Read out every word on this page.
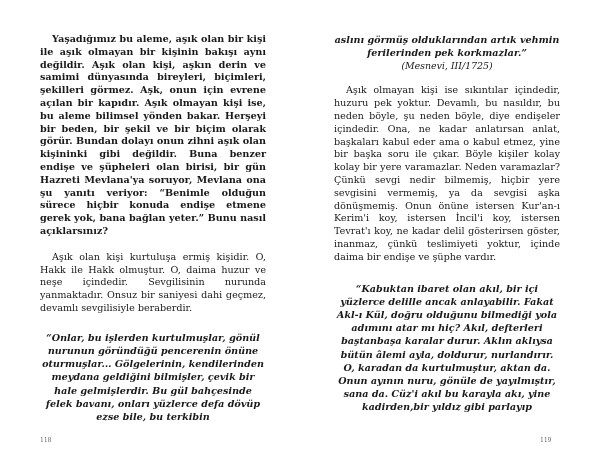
Yaşadığımız bu aleme, aşık olan bir kişi ile aşık olmayan bir kişinin bakışı aynı değildir. Aşık olan kişi, aşkın derin ve samimi dünyasında bireyleri, biçimleri, şekilleri görmez. Aşk, onun için evrene açılan bir kapıdır. Aşık olmayan kişi ise, bu aleme bilimsel yönden bakar. Herşeyi bir beden, bir şekil ve bir biçim olarak görür. Bundan dolayı onun zihni aşık olan kişininki gibi değildir. Buna benzer endişe ve şüpheleri olan birisi, bir gün Hazreti Mevlana'ya soruyor, Mevlana ona şu yanıtı veriyor: “Benimle olduğun sürece hiçbir konuda endişe etmene gerek yok, bana bağlan yeter.” Bunu nasıl açıklarsınız?

Aşık olan kişi kurtuluşa ermiş kişidir. O, Hakk ile Hakk olmuştur. O, daima huzur ve neşe içindedir. Sevgilisinin nurunda yanmaktadır. Onsuz bir saniyesi dahi geçmez, devamlı sevgilisiyle beraberdir.

“Onlar, bu işlerden kurtulmuşlar, gönül nurunun göründüğü pencerenin önüne oturmuşlar... Gölgelerinin, kendilerinden meydana geldiğini bilmişler, çevik bir hale gelmişlerdir. Bu gül bahçesinde felek bavanı, onları yüzlerce defa dövüp ezse bile, bu terkibin

118

aslını görmüş olduklarından artık vehmin ferilerinden pek korkmazlar.”

(Mesnevi, III/1725)

Aşık olmayan kişi ise sıkıntılar içindedir, huzuru pek yoktur. Devamlı, bu nasıldır, bu neden böyle, şu neden böyle, diye endişeler içindedir. Ona, ne kadar anlatırsan anlat, başkaları kabul eder ama o kabul etmez, yine bir başka soru ile çıkar. Böyle kişiler kolay kolay bir yere varamazlar. Neden varamazlar? Çünkü sevgi nedir bilmemiş, hiçbir yere sevgisini vermemiş, ya da sevgisi aşka dönüşmemiş. Onun önüne istersen Kur'an-ı Kerim'i koy, istersen İncil'i koy, istersen Tevrat'ı koy, ne kadar delil gösterirsen göster, inanmaz, çünkü teslimiyeti yoktur, içinde daima bir endişe ve şüphe vardır.

“Kabuktan ibaret olan akıl, bir içi yüzlerce delille ancak anlayabilir. Fakat Akl-ı Kül, doğru olduğunu bilmediği yola adımını atar mı hiç? Akıl, defterleri baştanbaşa karalar durur. Aklın aklıysa bütün âlemi ayla, doldurur, nurlandırır. O, karadan da kurtulmuştur, aktan da. Onun ayının nuru, gönüle de yayılmıştır, sana da. Cüz'i akıl bu karayla akı, yine kadirden,bir yıldız gibi parlayıp

119
